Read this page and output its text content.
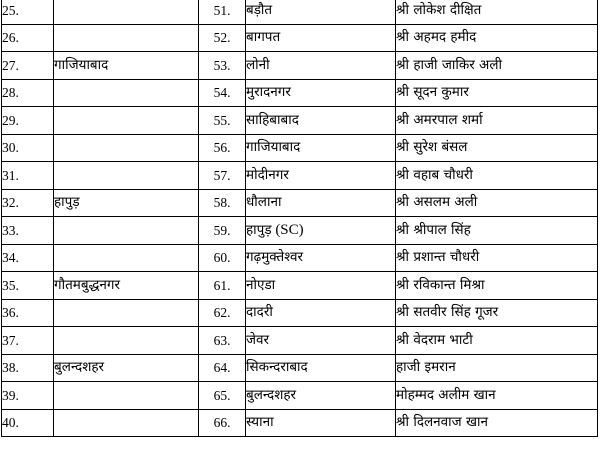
25.		51.	बड़ौत	श्री लोकेश दीक्षित
26.		52.	बागपत	श्री अहमद हमीद
27.	गाजियाबाद	53.	लोनी	श्री हाजी जाकिर अली
28.		54.	मुरादनगर	श्री सूदन कुमार
29.		55.	साहिबाबाद	श्री अमरपाल शर्मा
30.		56.	गाजियाबाद	श्री सुरेश बंसल
31.		57.	मोदीनगर	श्री वहाब चौधरी
32.	हापुड़	58.	धौलाना	श्री असलम अली
33.		59.	हापुड़ (SC)	श्री श्रीपाल सिंह
34.		60.	गढ़मुक्तेश्वर	श्री प्रशान्त चौधरी
35.	गौतमबुद्धनगर	61.	नोएडा	श्री रविकान्त मिश्रा
36.		62.	दादरी	श्री सतवीर सिंह गूजर
37.		63.	जेवर	श्री वेदराम भाटी
38.	बुलन्दशहर	64.	सिकन्दराबाद	हाजी इमरान
39.		65.	बुलन्दशहर	मोहम्मद अलीम खान
40.		66.	स्याना	श्री दिलनवाज खान
